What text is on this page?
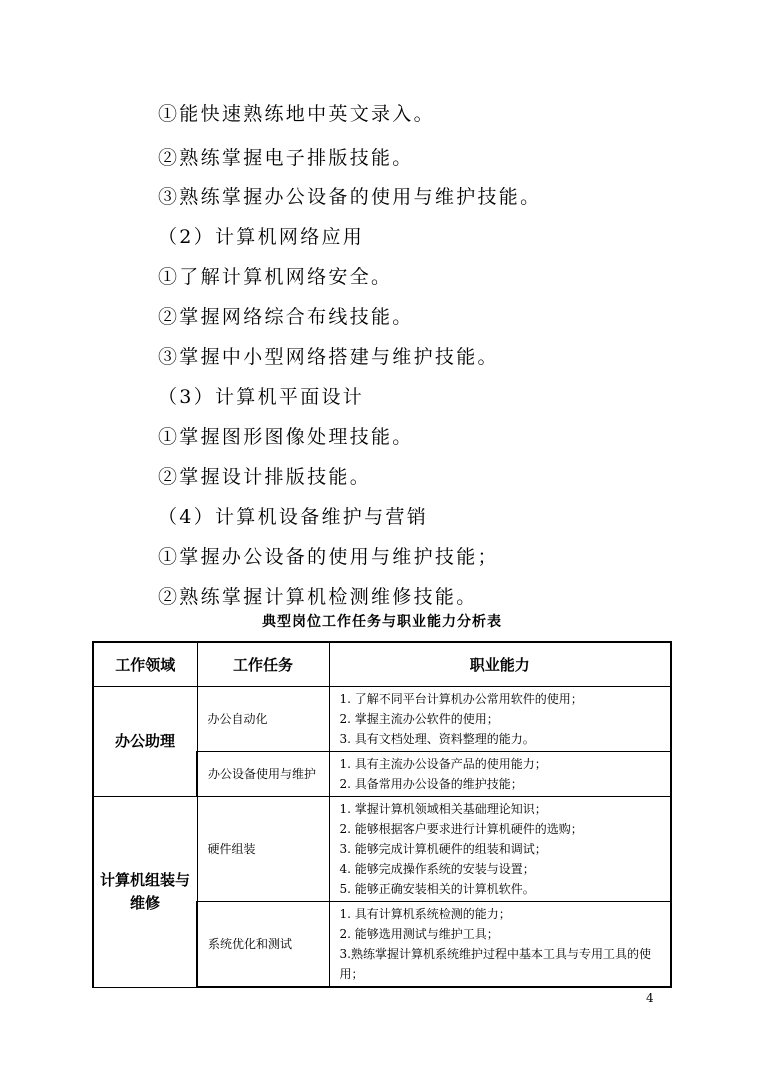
①能快速熟练地中英文录入。
②熟练掌握电子排版技能。
③熟练掌握办公设备的使用与维护技能。
（2）计算机网络应用
①了解计算机网络安全。
②掌握网络综合布线技能。
③掌握中小型网络搭建与维护技能。
（3）计算机平面设计
①掌握图形图像处理技能。
②掌握设计排版技能。
（4）计算机设备维护与营销
①掌握办公设备的使用与维护技能；
②熟练掌握计算机检测维修技能。
典型岗位工作任务与职业能力分析表
工作领域	工作任务	职业能力
办公助理	办公自动化	1. 了解不同平台计算机办公常用软件的使用；
2. 掌握主流办公软件的使用；
3. 具有文档处理、资料整理的能力。

	办公设备使用与维护	1. 具有主流办公设备产品的使用能力；
2. 具备常用办公设备的维护技能；

计算机组装与维修	硬件组装	1. 掌握计算机领域相关基础理论知识；
2. 能够根据客户要求进行计算机硬件的选购；
3. 能够完成计算机硬件的组装和调试；
4. 能够完成操作系统的安装与设置；
5. 能够正确安装相关的计算机软件。

	系统优化和测试	1. 具有计算机系统检测的能力；
2. 能够选用测试与维护工具；
3.熟练掌握计算机系统维护过程中基本工具与专用工具的使用；
4
